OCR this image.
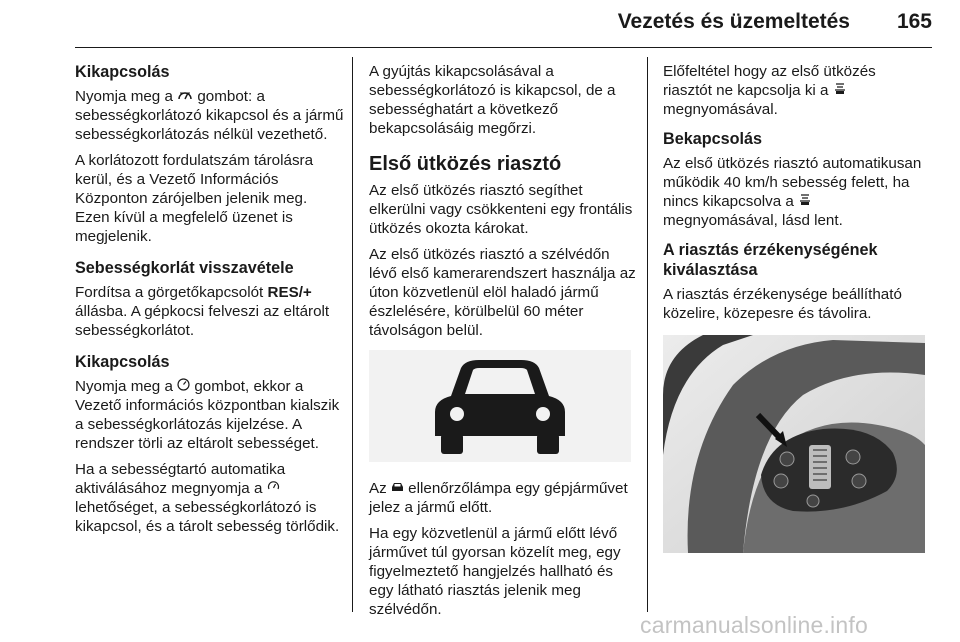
Vezetés és üzemeltetés	165
Kikapcsolás

Nyomja meg a  gombot: a sebességkorlátozó kikapcsol és a jármű sebességkorlátozás nélkül vezethető.

A korlátozott fordulatszám tárolásra kerül, és a Vezető Információs Központon zárójelben jelenik meg. Ezen kívül a megfelelő üzenet is megjelenik.

Sebességkorlát visszavétele

Fordítsa a görgetőkapcsolót RES/+ állásba. A gépkocsi felveszi az eltárolt sebességkorlátot.

Kikapcsolás

Nyomja meg a  gombot, ekkor a Vezető információs központban kialszik a sebességkorlátozás kijelzése. A rendszer törli az eltárolt sebességet.

Ha a sebességtartó automatika aktiválásához megnyomja a  lehetőséget, a sebességkorlátozó is kikapcsol, és a tárolt sebesség törlődik.

A gyújtás kikapcsolásával a sebességkorlátozó is kikapcsol, de a sebességhatárt a következő bekapcsolásáig megőrzi.

Első ütközés riasztó

Az első ütközés riasztó segíthet elkerülni vagy csökkenteni egy frontális ütközés okozta károkat.

Az első ütközés riasztó a szélvédőn lévő első kamerarendszert használja az úton közvetlenül elöl haladó jármű észlelésére, körülbelül 60 méter távolságon belül.

Az  ellenőrzőlámpa egy gépjárművet jelez a jármű előtt.

Ha egy közvetlenül a jármű előtt lévő járművet túl gyorsan közelít meg, egy figyelmeztető hangjelzés hallható és egy látható riasztás jelenik meg szélvédőn.

Előfeltétel hogy az első ütközés riasztót ne kapcsolja ki a  megnyomásával.

Bekapcsolás

Az első ütközés riasztó automatikusan működik 40 km/h sebesség felett, ha nincs kikapcsolva a  megnyomásával, lásd lent.

A riasztás érzékenységének kiválasztása

A riasztás érzékenysége beállítható közelire, közepesre és távolira.

carmanualsonline.info
